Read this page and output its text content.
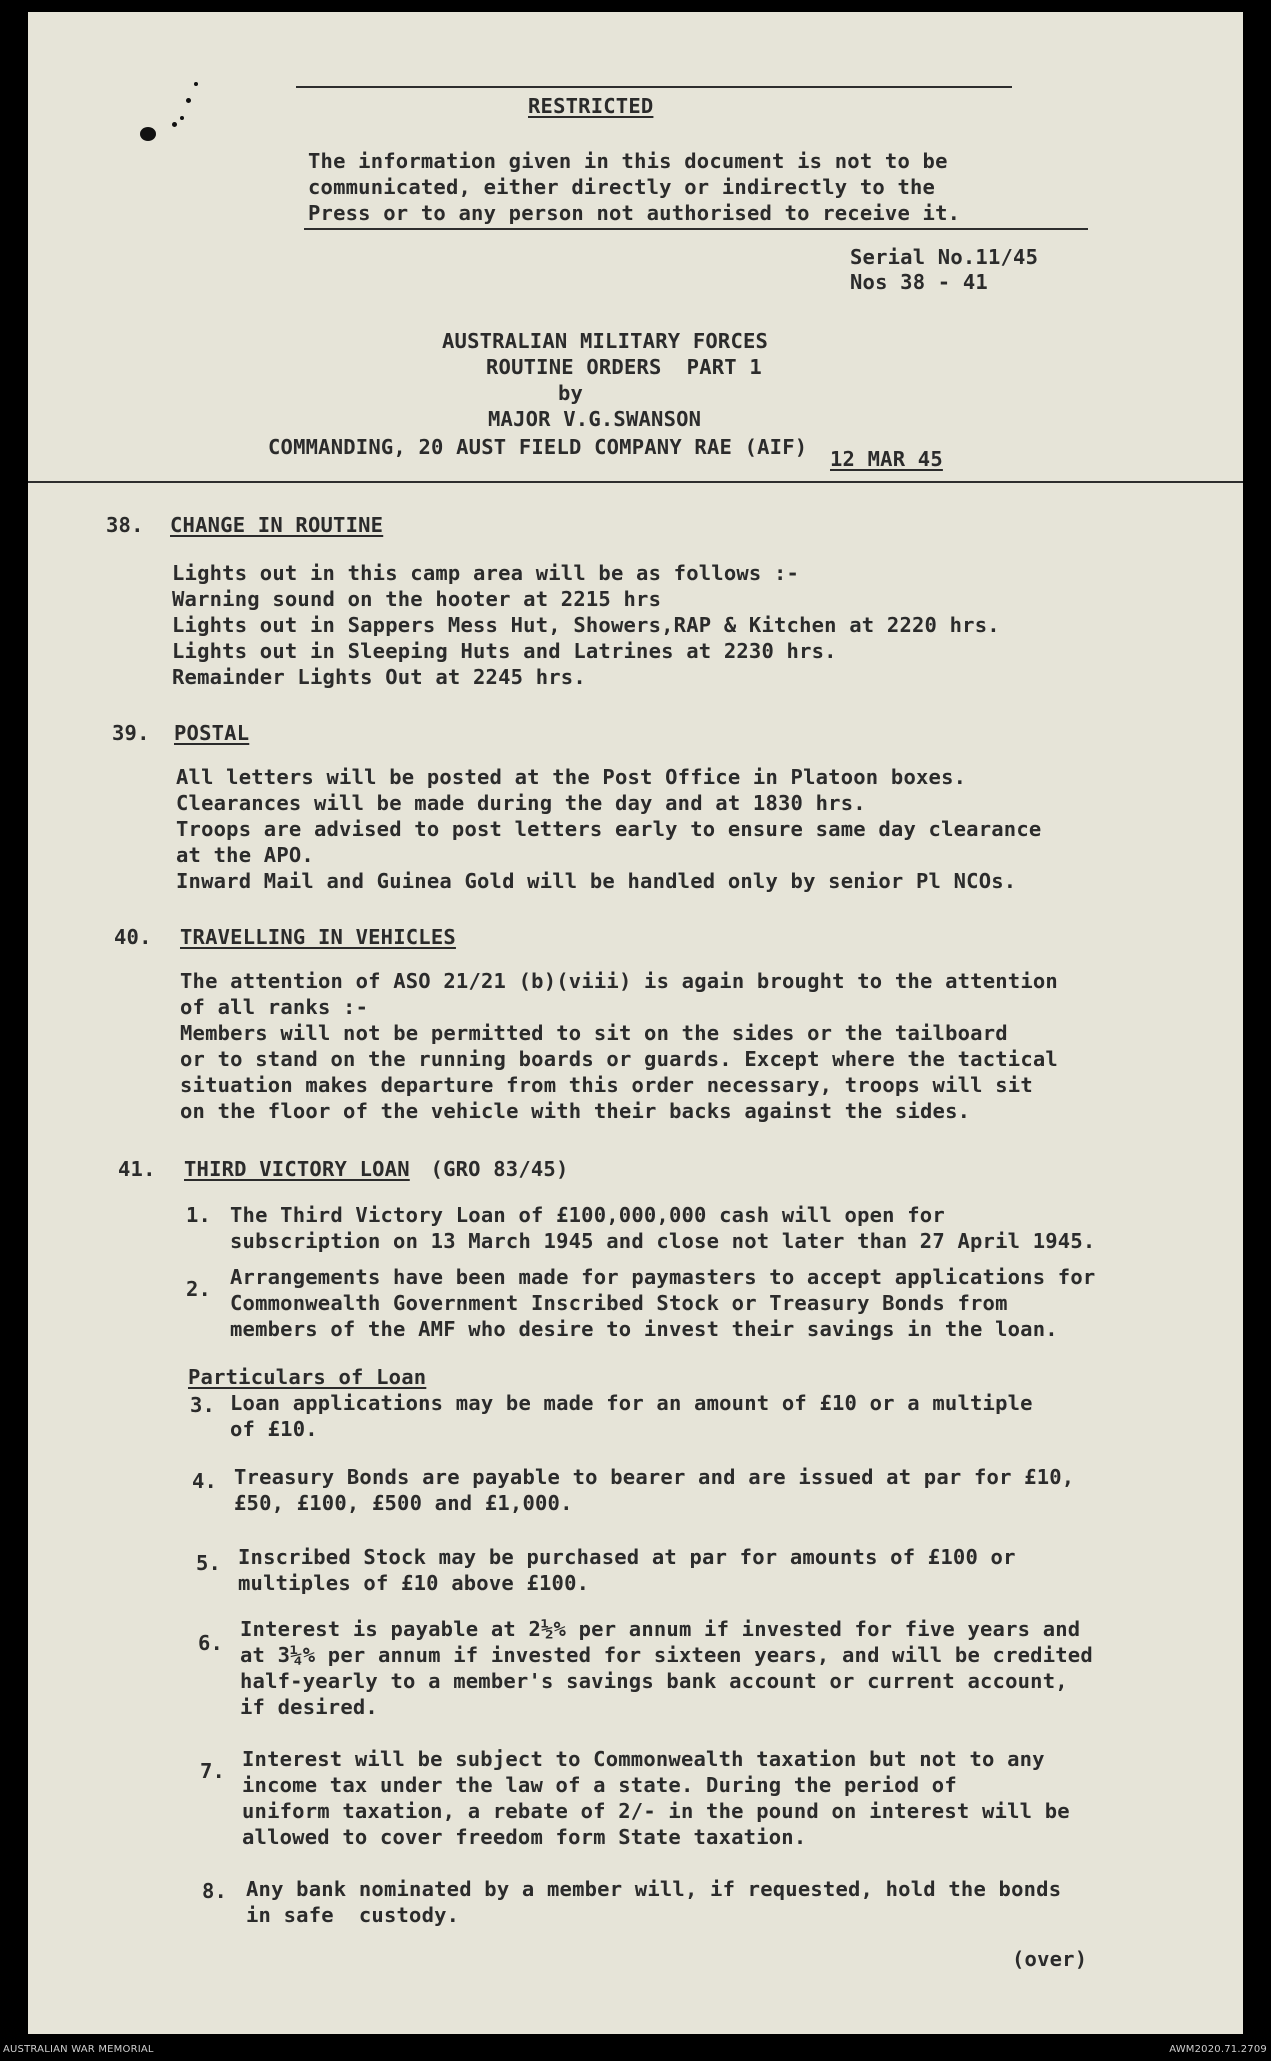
RESTRICTED
The information given in this document is not to be
communicated, either directly or indirectly to the
Press or to any person not authorised to receive it.
Serial No.11/45
Nos 38 - 41
AUSTRALIAN MILITARY FORCES
ROUTINE ORDERS  PART 1
by
MAJOR V.G.SWANSON
COMMANDING, 20 AUST FIELD COMPANY RAE (AIF) 12 MAR 45
38. CHANGE IN ROUTINE
Lights out in this camp area will be as follows :-
Warning sound on the hooter at 2215 hrs
Lights out in Sappers Mess Hut, Showers,RAP & Kitchen at 2220 hrs.
Lights out in Sleeping Huts and Latrines at 2230 hrs.
Remainder Lights Out at 2245 hrs.
39. POSTAL
All letters will be posted at the Post Office in Platoon boxes.
Clearances will be made during the day and at 1830 hrs.
Troops are advised to post letters early to ensure same day clearance
at the APO.
Inward Mail and Guinea Gold will be handled only by senior Pl NCOs.
40. TRAVELLING IN VEHICLES
The attention of ASO 21/21 (b)(viii) is again brought to the attention
of all ranks :-
Members will not be permitted to sit on the sides or the tailboard
or to stand on the running boards or guards. Except where the tactical
situation makes departure from this order necessary, troops will sit
on the floor of the vehicle with their backs against the sides.
41. THIRD VICTORY LOAN (GRO 83/45)
1. The Third Victory Loan of £100,000,000 cash will open for
subscription on 13 March 1945 and close not later than 27 April 1945.
2. Arrangements have been made for paymasters to accept applications for
Commonwealth Government Inscribed Stock or Treasury Bonds from
members of the AMF who desire to invest their savings in the loan.
Particulars of Loan
3. Loan applications may be made for an amount of £10 or a multiple
of £10.
4. Treasury Bonds are payable to bearer and are issued at par for £10,
£50, £100, £500 and £1,000.
5. Inscribed Stock may be purchased at par for amounts of £100 or
multiples of £10 above £100.
6.
Interest is payable at 2½% per annum if invested for five years and
at 3¼% per annum if invested for sixteen years, and will be credited
half-yearly to a member's savings bank account or current account,
if desired.
7. Interest will be subject to Commonwealth taxation but not to any
income tax under the law of a state. During the period of
uniform taxation, a rebate of 2/- in the pound on interest will be
allowed to cover freedom form State taxation.
8. Any bank nominated by a member will, if requested, hold the bonds
in safe  custody.
(over)
AUSTRALIAN WAR MEMORIAL	AWM2020.71.2709
